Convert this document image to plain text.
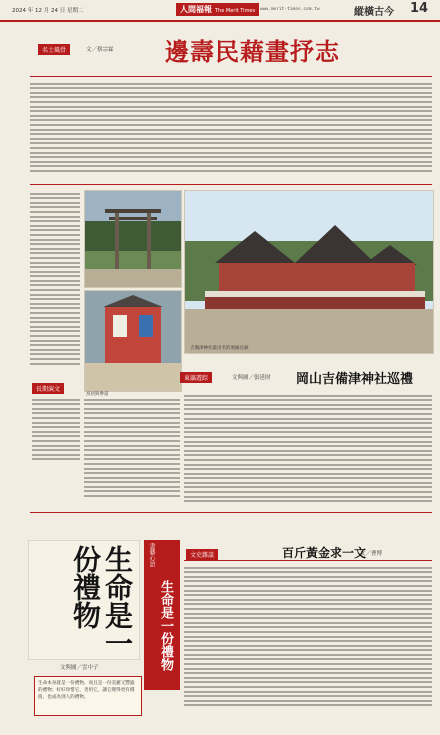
2024 年 12 月 24 日 星期二	人間福報 The Merit Times	www.merit-times.com.tw	縱橫古今 14
名士風骨	文／蔡宗霖 邊壽民藉畫抒志
吉備津神社最出名的迴廊長廊
鳥居與參道
東瀛遊踪	文與圖／張延財 岡山吉備津神社巡禮
長期演文
生命是一份禮物
文與圖／雲中子
書藝心語
生命是一份禮物
生命本身就是一份禮物，而且是一份美麗又豐盛的禮物；好好珍惜它，善用它，讓它變得更有價值、也成為別人的禮物。
文史雜談	百斤黃金求一文
文／曹博
